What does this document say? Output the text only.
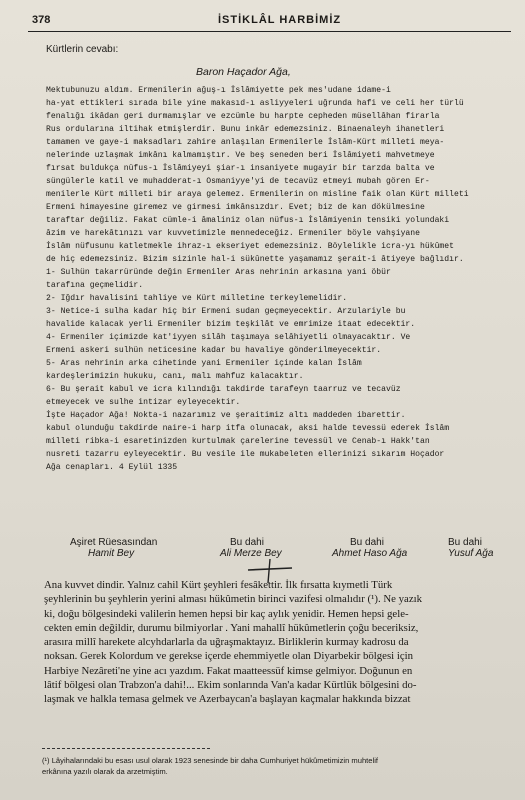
378	İSTİKLÂL HARBİMİZ
Kürtlerin cevabı:
Baron Haçador Ağa,
Mektubunuzu aldım. Ermenilerin ağuş-ı İslâmiyette pek mes'udane idame-i
ha-yat ettikleri sırada bile yine makasıd-ı asliyyeleri uğrunda hafi ve celi her türlü
fenalığı ikâdan geri durmamışlar ve ezcümle bu harpte cepheden müsellâhan firarla
Rus ordularına iltihak etmişlerdir. Bunu inkâr edemezsiniz. Binaenaleyh ihanetleri
tamamen ve gaye-i maksadları zahire anlaşılan Ermenilerle İslâm-Kürt milleti meya-
nelerinde uzlaşmak imkânı kalmamıştır. Ve beş seneden beri İslâmiyeti mahvetmeye
fırsat buldukça nüfus-ı İslâmiyeyi şiar-ı insaniyete mugayir bir tarzda balta ve
süngülerle katil ve muhadderat-ı Osmaniyye'yi de tecavüz etmeyi mubah gören Er-
menilerle Kürt milleti bir araya gelemez. Ermenilerin on misline faik olan Kürt milleti
Ermeni himayesine giremez ve girmesi imkânsızdır. Evet; biz de kan dökülmesine
taraftar değiliz. Fakat cümle-i âmaliniz olan nüfus-ı İslâmiyenin tensiki yolundaki
âzim ve harekâtınızı var kuvvetimizle mennedeceğiz. Ermeniler böyle vahşiyane
İslâm nüfusunu katletmekle ihraz-ı ekseriyet edemezsiniz. Böylelikle icra-yı hükûmet
de hiç edemezsiniz. Bizim sizinle hal-i sükûnette yaşamamız şerait-i âtiyeye bağlıdır.
1- Sulhün takarrüründe değin Ermeniler Aras nehrinin arkasına yani öbür
tarafına geçmelidir.
2- Iğdır havalisini tahliye ve Kürt milletine terkeylemelidir.
3- Netice-i sulha kadar hiç bir Ermeni sudan geçmeyecektir. Arzulariyle bu
havalide kalacak yerli Ermeniler bizim teşkilât ve emrimize itaat edecektir.
4- Ermeniler içimizde kat'iyyen silâh taşımaya selâhiyetli olmayacaktır. Ve
Ermeni askeri sulhün neticesine kadar bu havaliye gönderilmeyecektir.
5- Aras nehrinin arka cihetinde yani Ermeniler içinde kalan İslâm
kardeşlerimizin hukuku, canı, malı mahfuz kalacaktır.
6- Bu şerait kabul ve icra kılındığı takdirde tarafeyn taarruz ve tecavüz
etmeyecek ve sulhe intizar eyleyecektir.
İşte Haçador Ağa! Nokta-i nazarımız ve şeraitimiz altı maddeden ibarettir.
kabul olunduğu takdirde naire-i harp itfa olunacak, aksi halde tevessü ederek İslâm
milleti ribka-i esaretinizden kurtulmak çarelerine tevessül ve Cenab-ı Hakk'tan
nusreti tazarru eyleyecektir. Bu vesile ile mukabeleten ellerinizi sıkarım Hoçador
Ağa cenapları. 4 Eylül 1335
Aşiret Rüesasından
Hamit Bey
Bu dahi
Ali Merze Bey
Bu dahi
Ahmet Haso Ağa
Bu dahi
Yusuf Ağa
Ana kuvvet dindir. Yalnız cahil Kürt şeyhleri fesâkettir. İlk fırsatta kıymetli Türk
şeyhlerinin bu şeyhlerin yerini alması hükûmetin birinci vazifesi olmalıdır (¹). Ne yazık
ki, doğu bölgesindeki valilerin hemen hepsi bir kaç aylık yenidir. Hemen hepsi gele-
cekten emin değildir, durumu bilmiyorlar . Yani mahallî hükûmetlerin çoğu beceriksiz,
arasıra millî harekete alcyhdarlarla da uğraşmaktayız. Birliklerin kurmay kadrosu da
noksan. Gerek Kolordum ve gerekse içerde ehemmiyetle olan Diyarbekir bölgesi için
Harbiye Nezâreti'ne yine acı yazdım. Fakat maatteessüf kimse gelmiyor. Doğunun en
lâtif bölgesi olan Trabzon'a dahi!... Ekim sonlarında Van'a kadar Kürtlük bölgesini do-
laşmak ve halkla temasa gelmek ve Azerbaycan'a başlayan kaçmalar hakkında bizzat
(¹) Lâyihalarındaki bu esası usul olarak 1923 senesinde bir daha Cumhuriyet hükûmetimizin muhtelif
erkânına yazılı olarak da arzetmiştim.
